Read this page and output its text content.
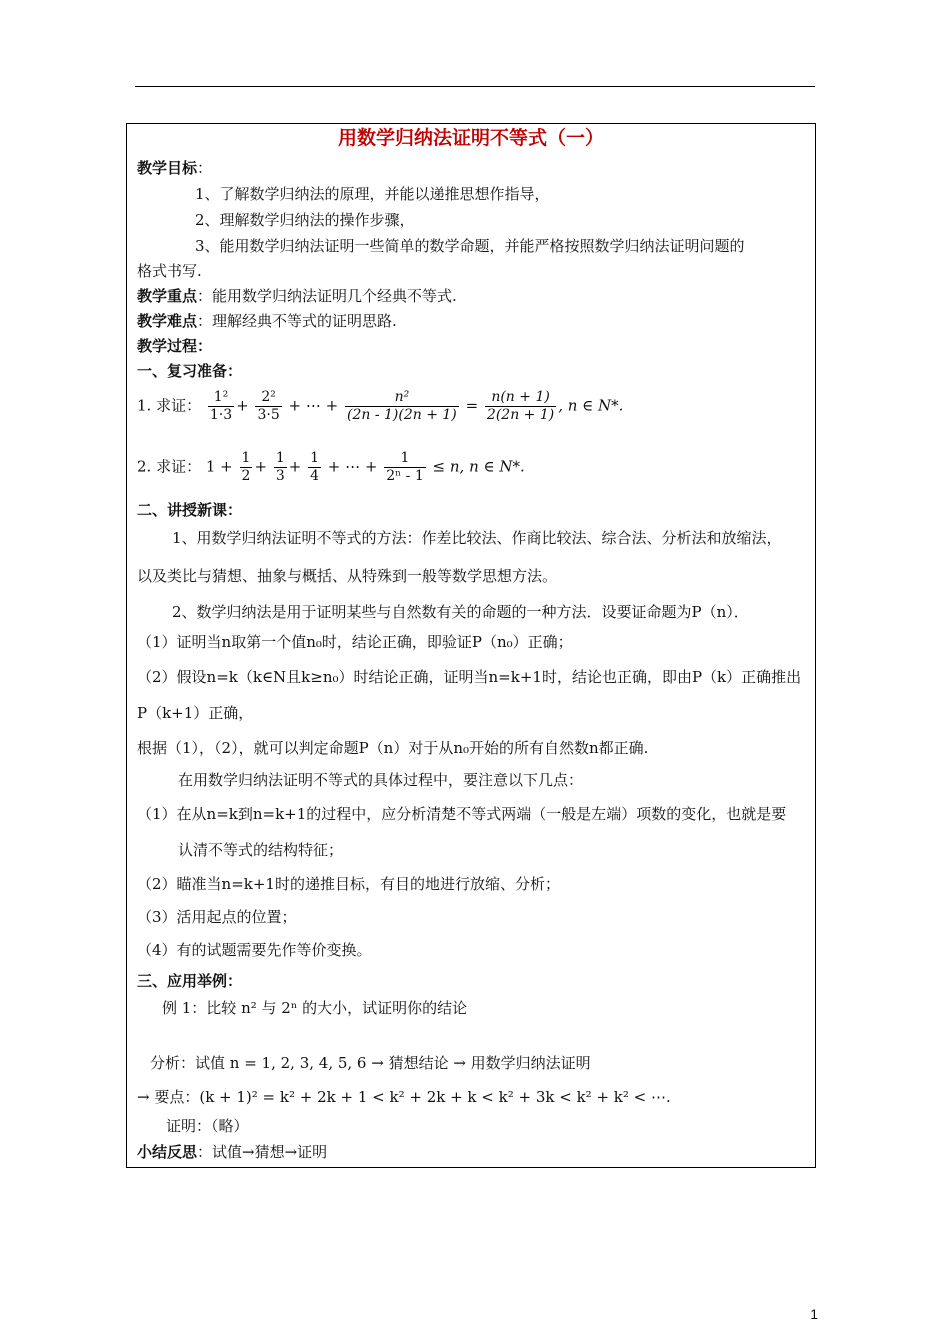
用数学归纳法证明不等式（一）
教学目标：
1、了解数学归纳法的原理，并能以递推思想作指导，
2、理解数学归纳法的操作步骤，
3、能用数学归纳法证明一些简单的数学命题，并能严格按照数学归纳法证明问题的
格式书写.
教学重点：能用数学归纳法证明几个经典不等式.
教学难点：理解经典不等式的证明思路.
教学过程：
一、复习准备：
1. 求证： $\frac{\text{1²}}{1\cdot 3} + \frac{\text{2²}}{3\cdot 5}$ + ⋯ + $\frac{\text{n²}}{(2n - 1)(2n + 1)} = \frac{n(n + 1)}{2(2n + 1)}$ , n ∈ N*.
2. 求证： $1 + \frac{1}{2} + \frac{1}{3} + \frac{1}{4}$ + ⋯ + $\frac{1}{\text{2ⁿ - 1}} \le n$, n ∈ N*.
二、讲授新课：
1、用数学归纳法证明不等式的方法：作差比较法、作商比较法、综合法、分析法和放缩法，
以及类比与猜想、抽象与概括、从特殊到一般等数学思想方法。
2、数学归纳法是用于证明某些与自然数有关的命题的一种方法．设要证命题为P（n）．
（1）证明当n取第一个值n₀时，结论正确，即验证P（n₀）正确；
（2）假设n=k（k∈N且k≥n₀）时结论正确，证明当n=k+1时，结论也正确，即由P（k）正确推出
P（k+1）正确，
根据（1），（2），就可以判定命题P（n）对于从n₀开始的所有自然数n都正确.
在用数学归纳法证明不等式的具体过程中，要注意以下几点：
（1）在从n=k到n=k+1的过程中，应分析清楚不等式两端（一般是左端）项数的变化，也就是要
认清不等式的结构特征；
（2）瞄准当n=k+1时的递推目标，有目的地进行放缩、分析；
（3）活用起点的位置；
（4）有的试题需要先作等价变换。
三、应用举例：
例 1：比较 n² 与 2ⁿ 的大小，试证明你的结论
分析：试值 n = 1, 2, 3, 4, 5, 6 → 猜想结论 → 用数学归纳法证明
→ 要点：(k + 1)² = k² + 2k + 1 < k² + 2k + k < k² + 3k < k² + k² < ⋯.
证明：（略）
小结反思：试值→猜想→证明
1
